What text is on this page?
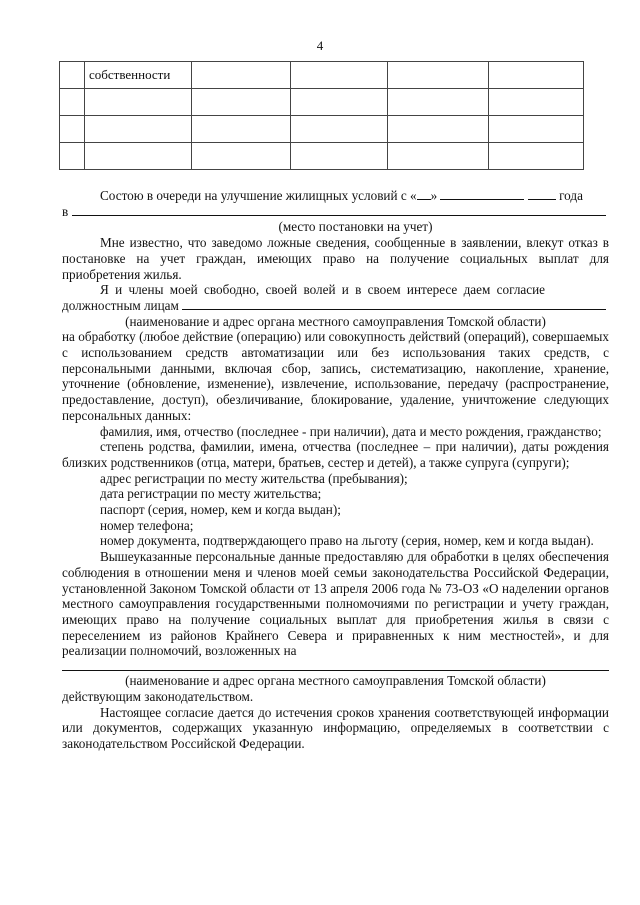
4
	собственности				

Состою в очереди на улучшение жилищных условий с « »	года

в

(место постановки на учет)

Мне известно, что заведомо ложные сведения, сообщенные в заявлении, влекут отказ в постановке на учет граждан, имеющих право на получение социальных выплат для приобретения жилья.

Я и члены моей свободно, своей волей и в своем интересе даем согласие

должностным лицам

(наименование и адрес органа местного самоуправления Томской области)

на обработку (любое действие (операцию) или совокупность действий (операций), совершаемых с использованием средств автоматизации или без использования таких средств, с персональными данными, включая сбор, запись, систематизацию, накопление, хранение, уточнение (обновление, изменение), извлечение, использование, передачу (распространение, предоставление, доступ), обезличивание, блокирование, удаление, уничтожение следующих персональных данных:

фамилия, имя, отчество (последнее - при наличии), дата и место рождения, гражданство;

степень родства, фамилии, имена, отчества (последнее – при наличии), даты рождения близких родственников (отца, матери, братьев, сестер и детей), а также супруга (супруги);

адрес регистрации по месту жительства (пребывания);

дата регистрации по месту жительства;

паспорт (серия, номер, кем и когда выдан);

номер телефона;

номер документа, подтверждающего право на льготу (серия, номер, кем и когда выдан).

Вышеуказанные персональные данные предоставляю для обработки в целях обеспечения соблюдения в отношении меня и членов моей семьи законодательства Российской Федерации, установленной Законом Томской области от 13 апреля 2006 года № 73-ОЗ «О наделении органов местного самоуправления государственными полномочиями по регистрации и учету граждан, имеющих право на получение социальных выплат для приобретения жилья в связи с переселением из районов Крайнего Севера и приравненных к ним местностей», и для реализации полномочий, возложенных на

(наименование и адрес органа местного самоуправления Томской области)

действующим законодательством.

Настоящее согласие дается до истечения сроков хранения соответствующей информации или документов, содержащих указанную информацию, определяемых в соответствии с законодательством Российской Федерации.
